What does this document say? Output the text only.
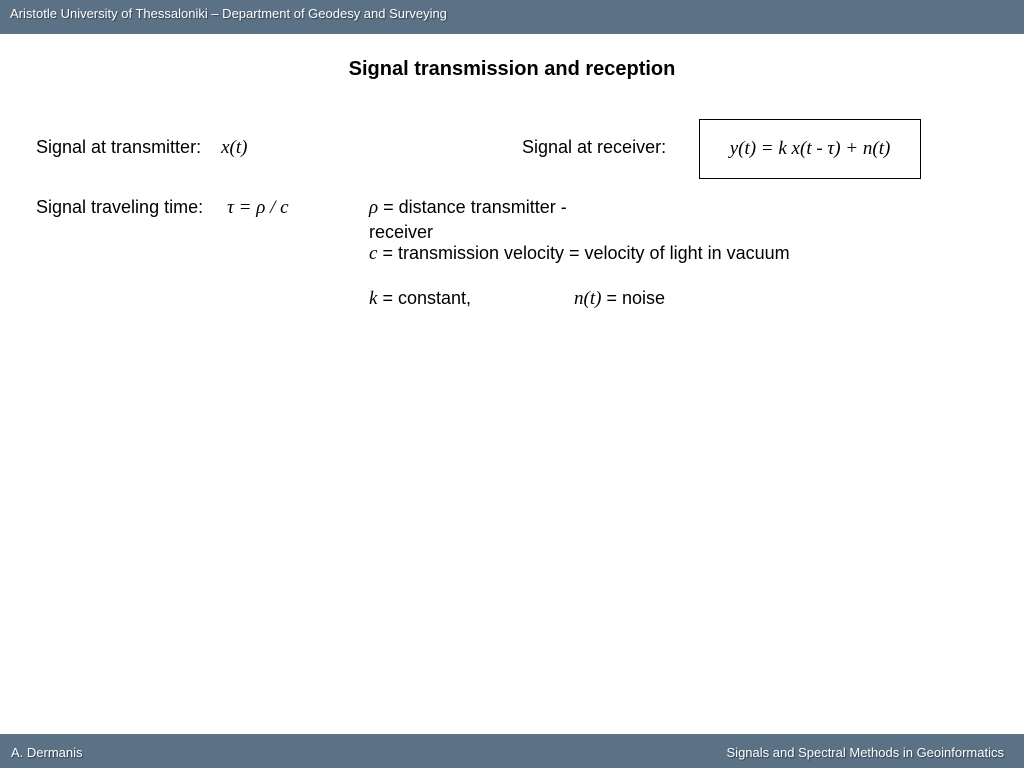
Aristotle University of Thessaloniki – Department of Geodesy and Surveying
Signal transmission and reception
Signal at transmitter: x(t)	Signal at receiver:	y(t) = k x(t - τ) + n(t)
Signal traveling time: τ = ρ / c	ρ = distance transmitter -
receiver
c = transmission velocity = velocity of light in vacuum
k = constant,	n(t) = noise
A. Dermanis	Signals and Spectral Methods in Geoinformatics
